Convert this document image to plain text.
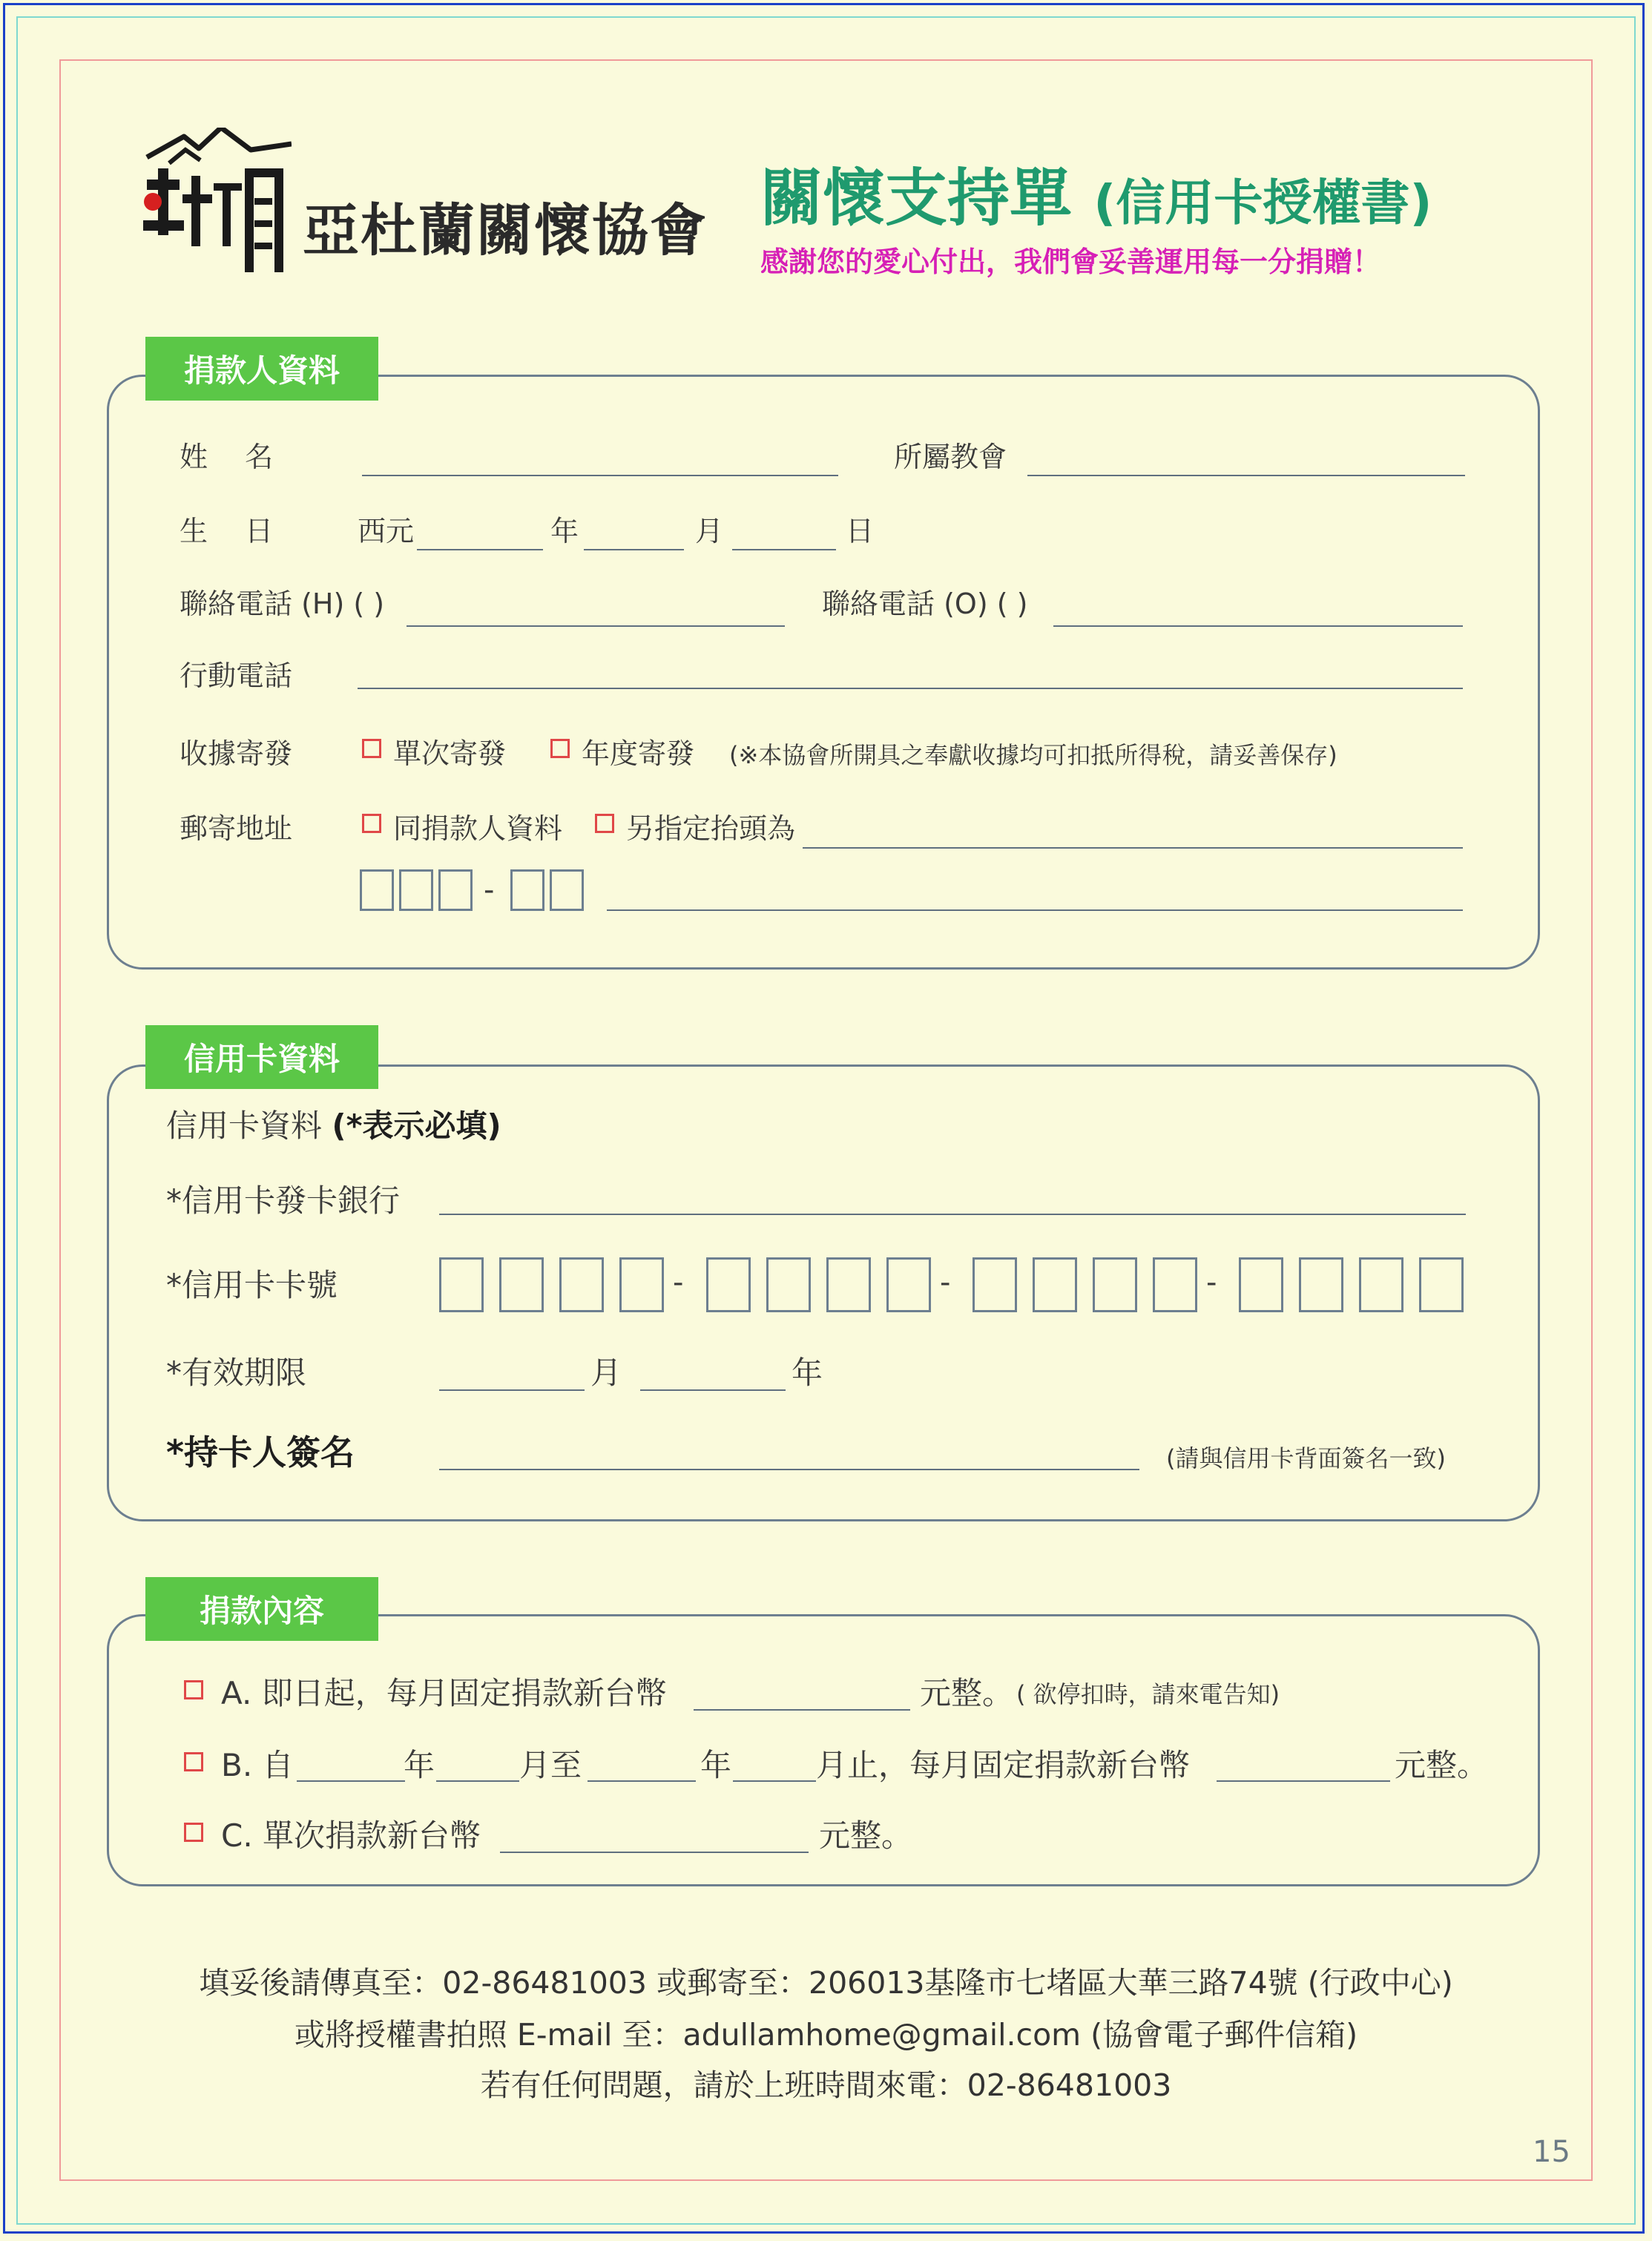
亞杜蘭關懷協會 關懷支持單 (信用卡授權書)
感謝您的愛心付出，我們會妥善運用每一分捐贈！
捐款人資料
姓　 名	所屬教會
生　 日	西元	年	月	日
聯絡電話 (H) ( )	聯絡電話 (O) ( )
行動電話
收據寄發	單次寄發	年度寄發 (※本協會所開具之奉獻收據均可扣抵所得稅，請妥善保存)
郵寄地址	同捐款人資料 另指定抬頭為
-
信用卡資料
信用卡資料 (*表示必填)
*信用卡發卡銀行
*信用卡卡號	-	-	-
*有效期限	月	年
*持卡人簽名	(請與信用卡背面簽名一致)
捐款內容
A. 即日起，每月固定捐款新台幣	元整。 ( 欲停扣時，請來電告知)
B. 自	年	月至	年	月止，每月固定捐款新台幣	元整。
C. 單次捐款新台幣	元整。
填妥後請傳真至：02-86481003 或郵寄至：206013基隆市七堵區大華三路74號 (行政中心)
或將授權書拍照 E-mail 至：adullamhome@gmail.com (協會電子郵件信箱)
若有任何問題，請於上班時間來電：02-86481003
15
